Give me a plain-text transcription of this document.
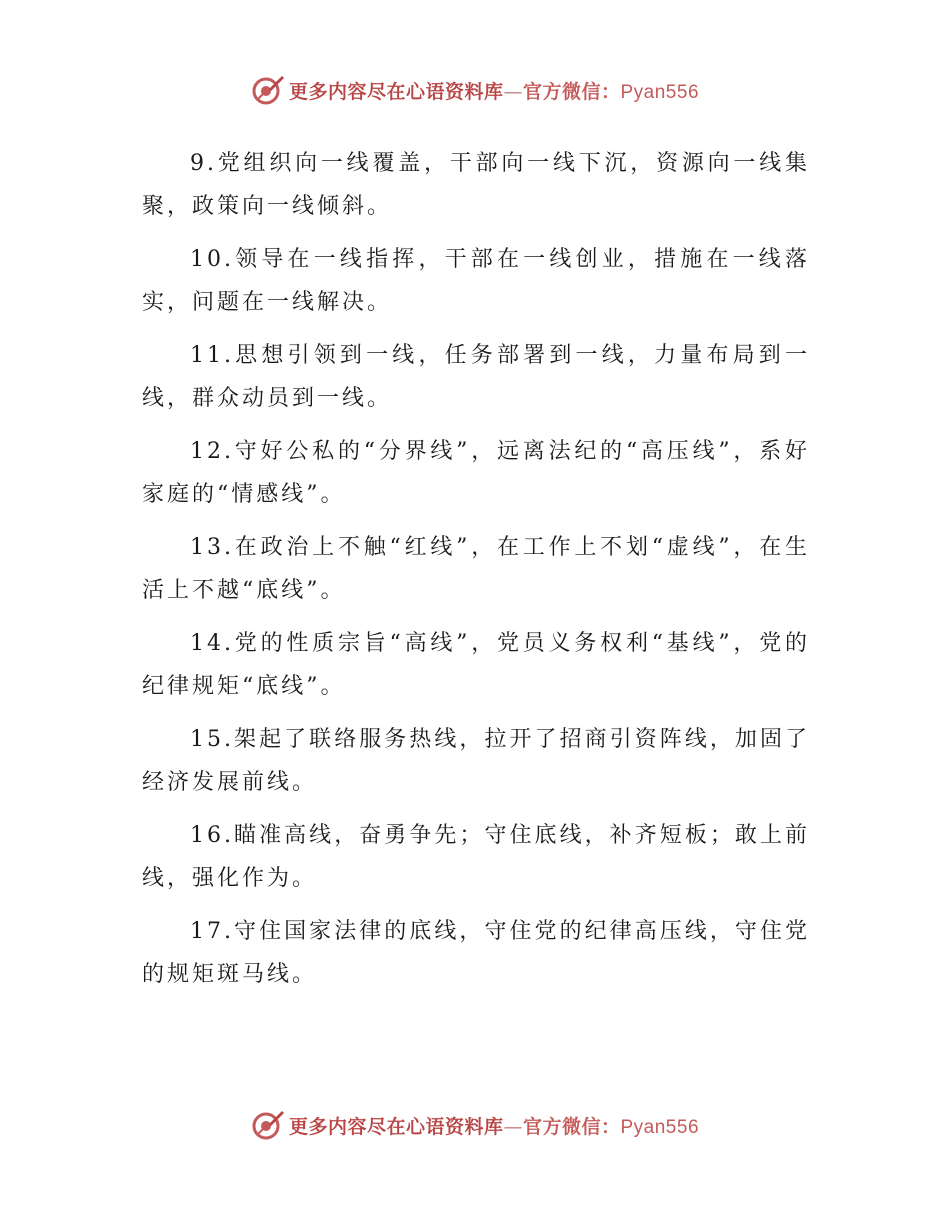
更多内容尽在心语资料库—官方微信：Pyan556

9.党组织向一线覆盖，干部向一线下沉，资源向一线集聚，政策向一线倾斜。

10.领导在一线指挥，干部在一线创业，措施在一线落实，问题在一线解决。

11.思想引领到一线，任务部署到一线，力量布局到一线，群众动员到一线。

12.守好公私的“分界线”，远离法纪的“高压线”，系好家庭的“情感线”。

13.在政治上不触“红线”，在工作上不划“虚线”，在生活上不越“底线”。

14.党的性质宗旨“高线”，党员义务权利“基线”，党的纪律规矩“底线”。

15.架起了联络服务热线，拉开了招商引资阵线，加固了经济发展前线。

16.瞄准高线，奋勇争先；守住底线，补齐短板；敢上前线，强化作为。

17.守住国家法律的底线，守住党的纪律高压线，守住党的规矩斑马线。

更多内容尽在心语资料库—官方微信：Pyan556
